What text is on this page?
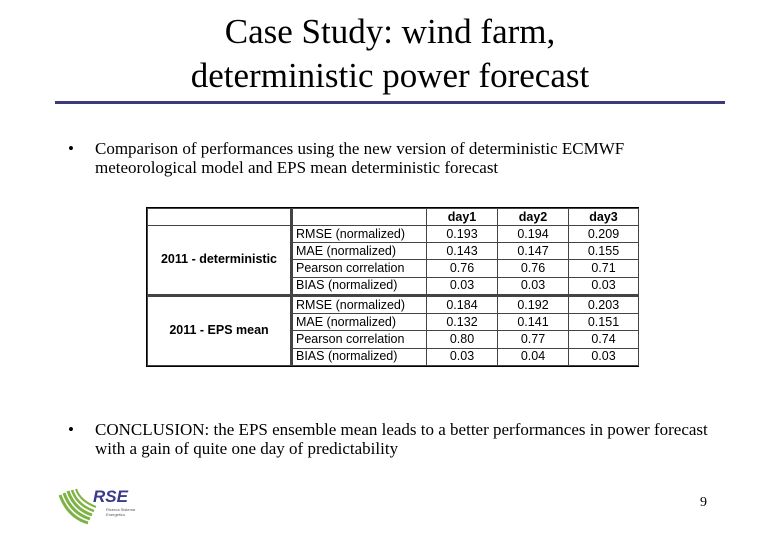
Case Study: wind farm,
deterministic power forecast
• Comparison of performances using the new version of deterministic ECMWF meteorological model and EPS mean deterministic forecast
		day1	day2	day3
2011 - deterministic	RMSE (normalized)	0.193	0.194	0.209
	MAE (normalized)	0.143	0.147	0.155
	Pearson correlation	0.76	0.76	0.71
	BIAS (normalized)	0.03	0.03	0.03
2011 - EPS mean	RMSE (normalized)	0.184	0.192	0.203
	MAE (normalized)	0.132	0.141	0.151
	Pearson correlation	0.80	0.77	0.74
	BIAS (normalized)	0.03	0.04	0.03
• CONCLUSION: the EPS ensemble mean leads to a better performances in power forecast with a gain of quite one day of predictability
RSE
Ricerca Sistema Energetico
9
